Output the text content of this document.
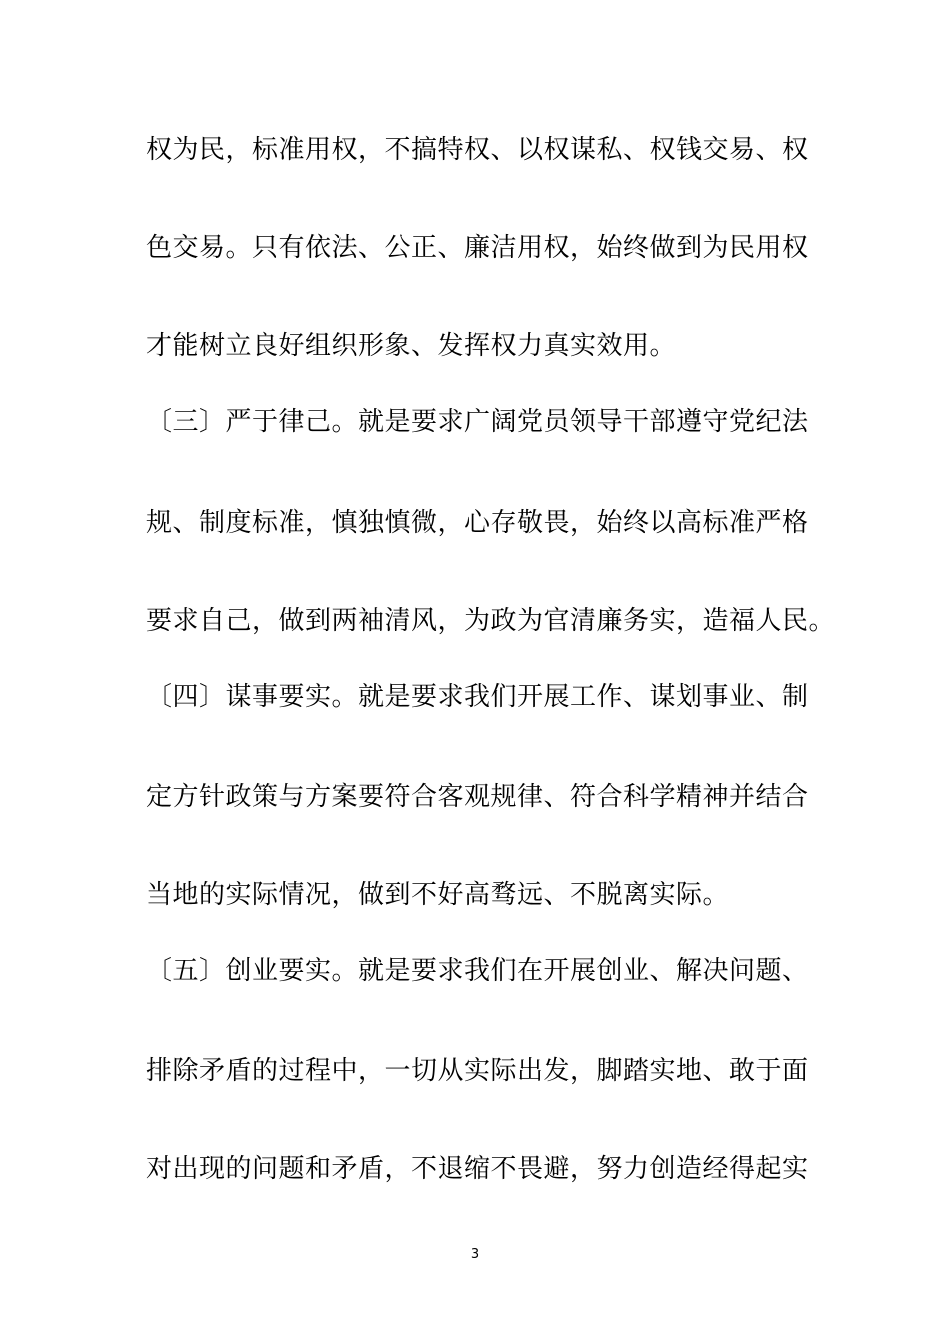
权为民，标准用权，不搞特权、以权谋私、权钱交易、权
色交易。只有依法、公正、廉洁用权，始终做到为民用权
才能树立良好组织形象、发挥权力真实效用。
〔三〕严于律己。就是要求广阔党员领导干部遵守党纪法
规、制度标准，慎独慎微，心存敬畏，始终以高标准严格
要求自己，做到两袖清风，为政为官清廉务实，造福人民。
〔四〕谋事要实。就是要求我们开展工作、谋划事业、制
定方针政策与方案要符合客观规律、符合科学精神并结合
当地的实际情况，做到不好高骛远、不脱离实际。
〔五〕创业要实。就是要求我们在开展创业、解决问题、
排除矛盾的过程中，一切从实际出发，脚踏实地、敢于面
对出现的问题和矛盾，不退缩不畏避，努力创造经得起实
3
